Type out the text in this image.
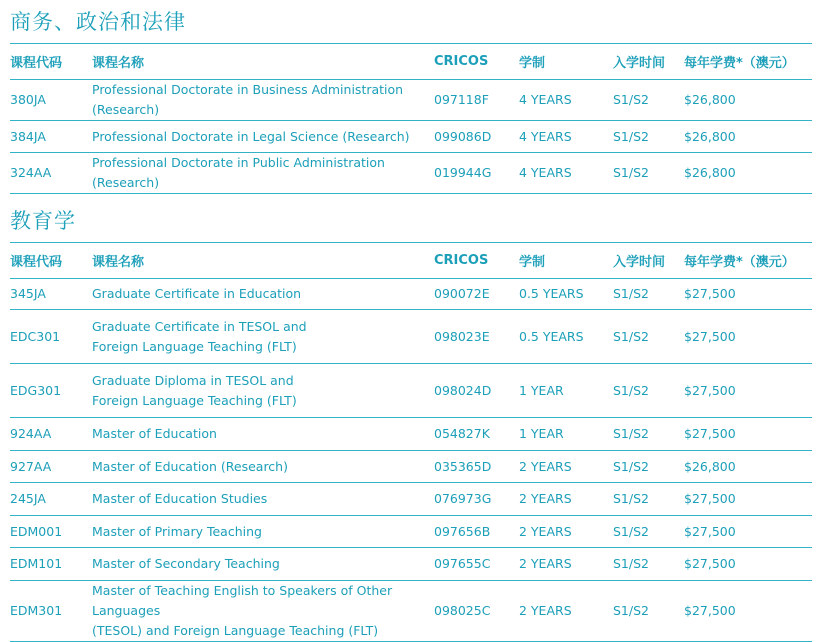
商务、政治和法律
课程代码	课程名称	CRICOS	学制	入学时间	每年学费*（澳元）
380JA	Professional Doctorate in Business Administration (Research)	097118F	4 YEARS	S1/S2	$26,800
384JA	Professional Doctorate in Legal Science (Research)	099086D	4 YEARS	S1/S2	$26,800
324AA	Professional Doctorate in Public Administration (Research)	019944G	4 YEARS	S1/S2	$26,800
教育学
课程代码	课程名称	CRICOS	学制	入学时间	每年学费*（澳元）
345JA	Graduate Certificate in Education	090072E	0.5 YEARS	S1/S2	$27,500
EDC301	Graduate Certificate in TESOL and
Foreign Language Teaching (FLT)	098023E	0.5 YEARS	S1/S2	$27,500
EDG301	Graduate Diploma in TESOL and
Foreign Language Teaching (FLT)	098024D	1 YEAR	S1/S2	$27,500
924AA	Master of Education	054827K	1 YEAR	S1/S2	$27,500
927AA	Master of Education (Research)	035365D	2 YEARS	S1/S2	$26,800
245JA	Master of Education Studies	076973G	2 YEARS	S1/S2	$27,500
EDM001	Master of Primary Teaching	097656B	2 YEARS	S1/S2	$27,500
EDM101	Master of Secondary Teaching	097655C	2 YEARS	S1/S2	$27,500
EDM301	Master of Teaching English to Speakers of Other Languages
(TESOL) and Foreign Language Teaching (FLT)	098025C	2 YEARS	S1/S2	$27,500
